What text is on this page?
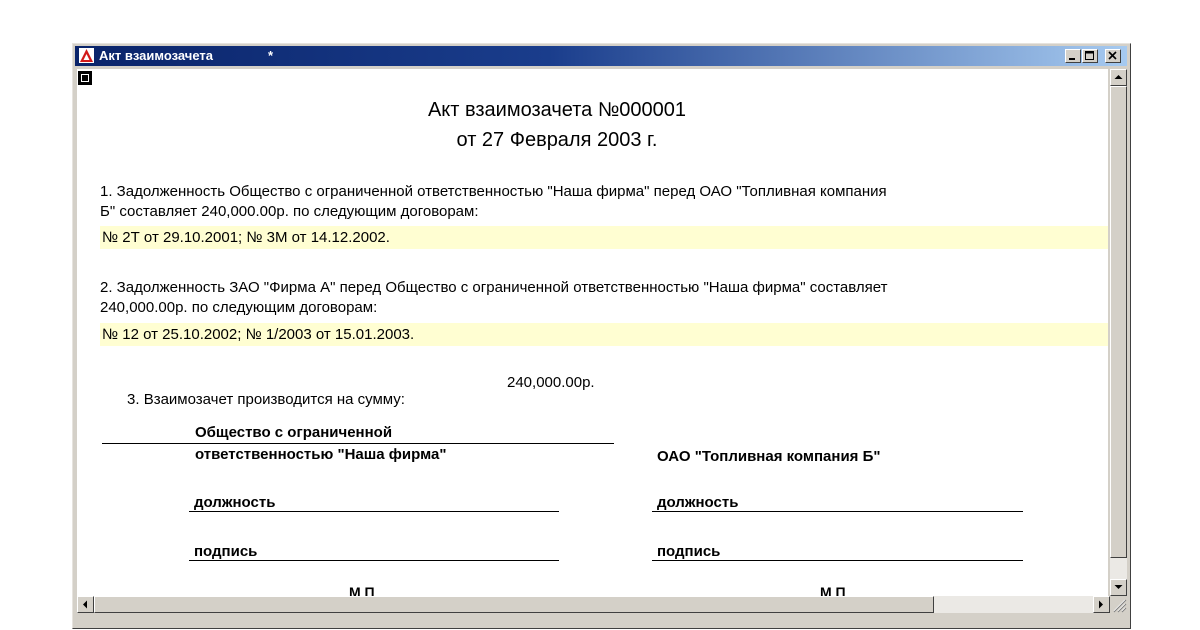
Акт взаимозачета	*
Акт взаимозачета №000001
от 27 Февраля 2003 г.
1. Задолженность Общество с ограниченной ответственностью "Наша фирма" перед ОАО "Топливная компания
Б" составляет 240,000.00р. по следующим договорам:
№ 2Т от 29.10.2001; № 3М от 14.12.2002.
2. Задолженность ЗАО "Фирма А" перед Общество с ограниченной ответственностью "Наша фирма" составляет
240,000.00р. по следующим договорам:
№ 12 от 25.10.2002; № 1/2003 от 15.01.2003.

3. Взаимозачет производится на сумму:

240,000.00р.

Общество с ограниченной
ответственностью "Наша фирма"	ОАО "Топливная компания Б"
должность	должность
подпись	подпись
М П	М П
